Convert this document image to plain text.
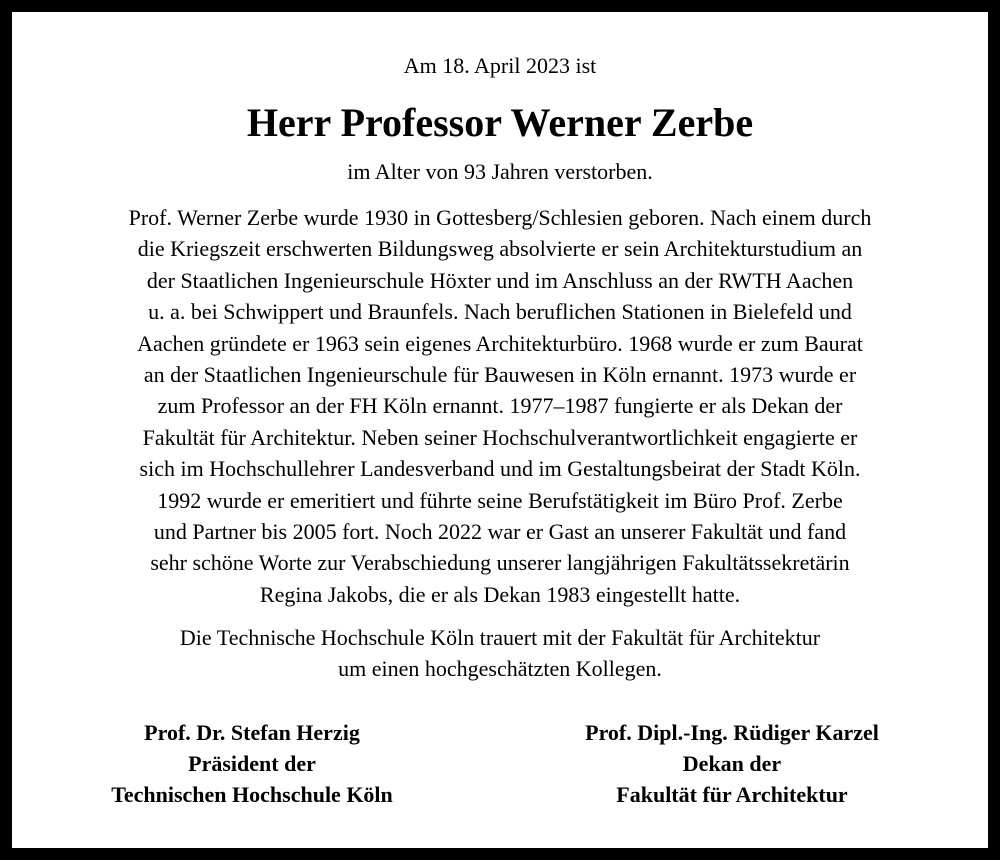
Am 18. April 2023 ist
Herr Professor Werner Zerbe
im Alter von 93 Jahren verstorben.
Prof. Werner Zerbe wurde 1930 in Gottesberg/Schlesien geboren. Nach einem durch
die Kriegszeit erschwerten Bildungsweg absolvierte er sein Architekturstudium an
der Staatlichen Ingenieurschule Höxter und im Anschluss an der RWTH Aachen
u. a. bei Schwippert und Braunfels. Nach beruflichen Stationen in Bielefeld und
Aachen gründete er 1963 sein eigenes Architekturbüro. 1968 wurde er zum Baurat
an der Staatlichen Ingenieurschule für Bauwesen in Köln ernannt. 1973 wurde er
zum Professor an der FH Köln ernannt. 1977–1987 fungierte er als Dekan der
Fakultät für Architektur. Neben seiner Hochschulverantwortlichkeit engagierte er
sich im Hochschullehrer Landesverband und im Gestaltungsbeirat der Stadt Köln.
1992 wurde er emeritiert und führte seine Berufstätigkeit im Büro Prof. Zerbe
und Partner bis 2005 fort. Noch 2022 war er Gast an unserer Fakultät und fand
sehr schöne Worte zur Verabschiedung unserer langjährigen Fakultätssekretärin
Regina Jakobs, die er als Dekan 1983 eingestellt hatte.
Die Technische Hochschule Köln trauert mit der Fakultät für Architektur
um einen hochgeschätzten Kollegen.
Prof. Dr. Stefan Herzig
Präsident der
Technischen Hochschule Köln
Prof. Dipl.-Ing. Rüdiger Karzel
Dekan der
Fakultät für Architektur
